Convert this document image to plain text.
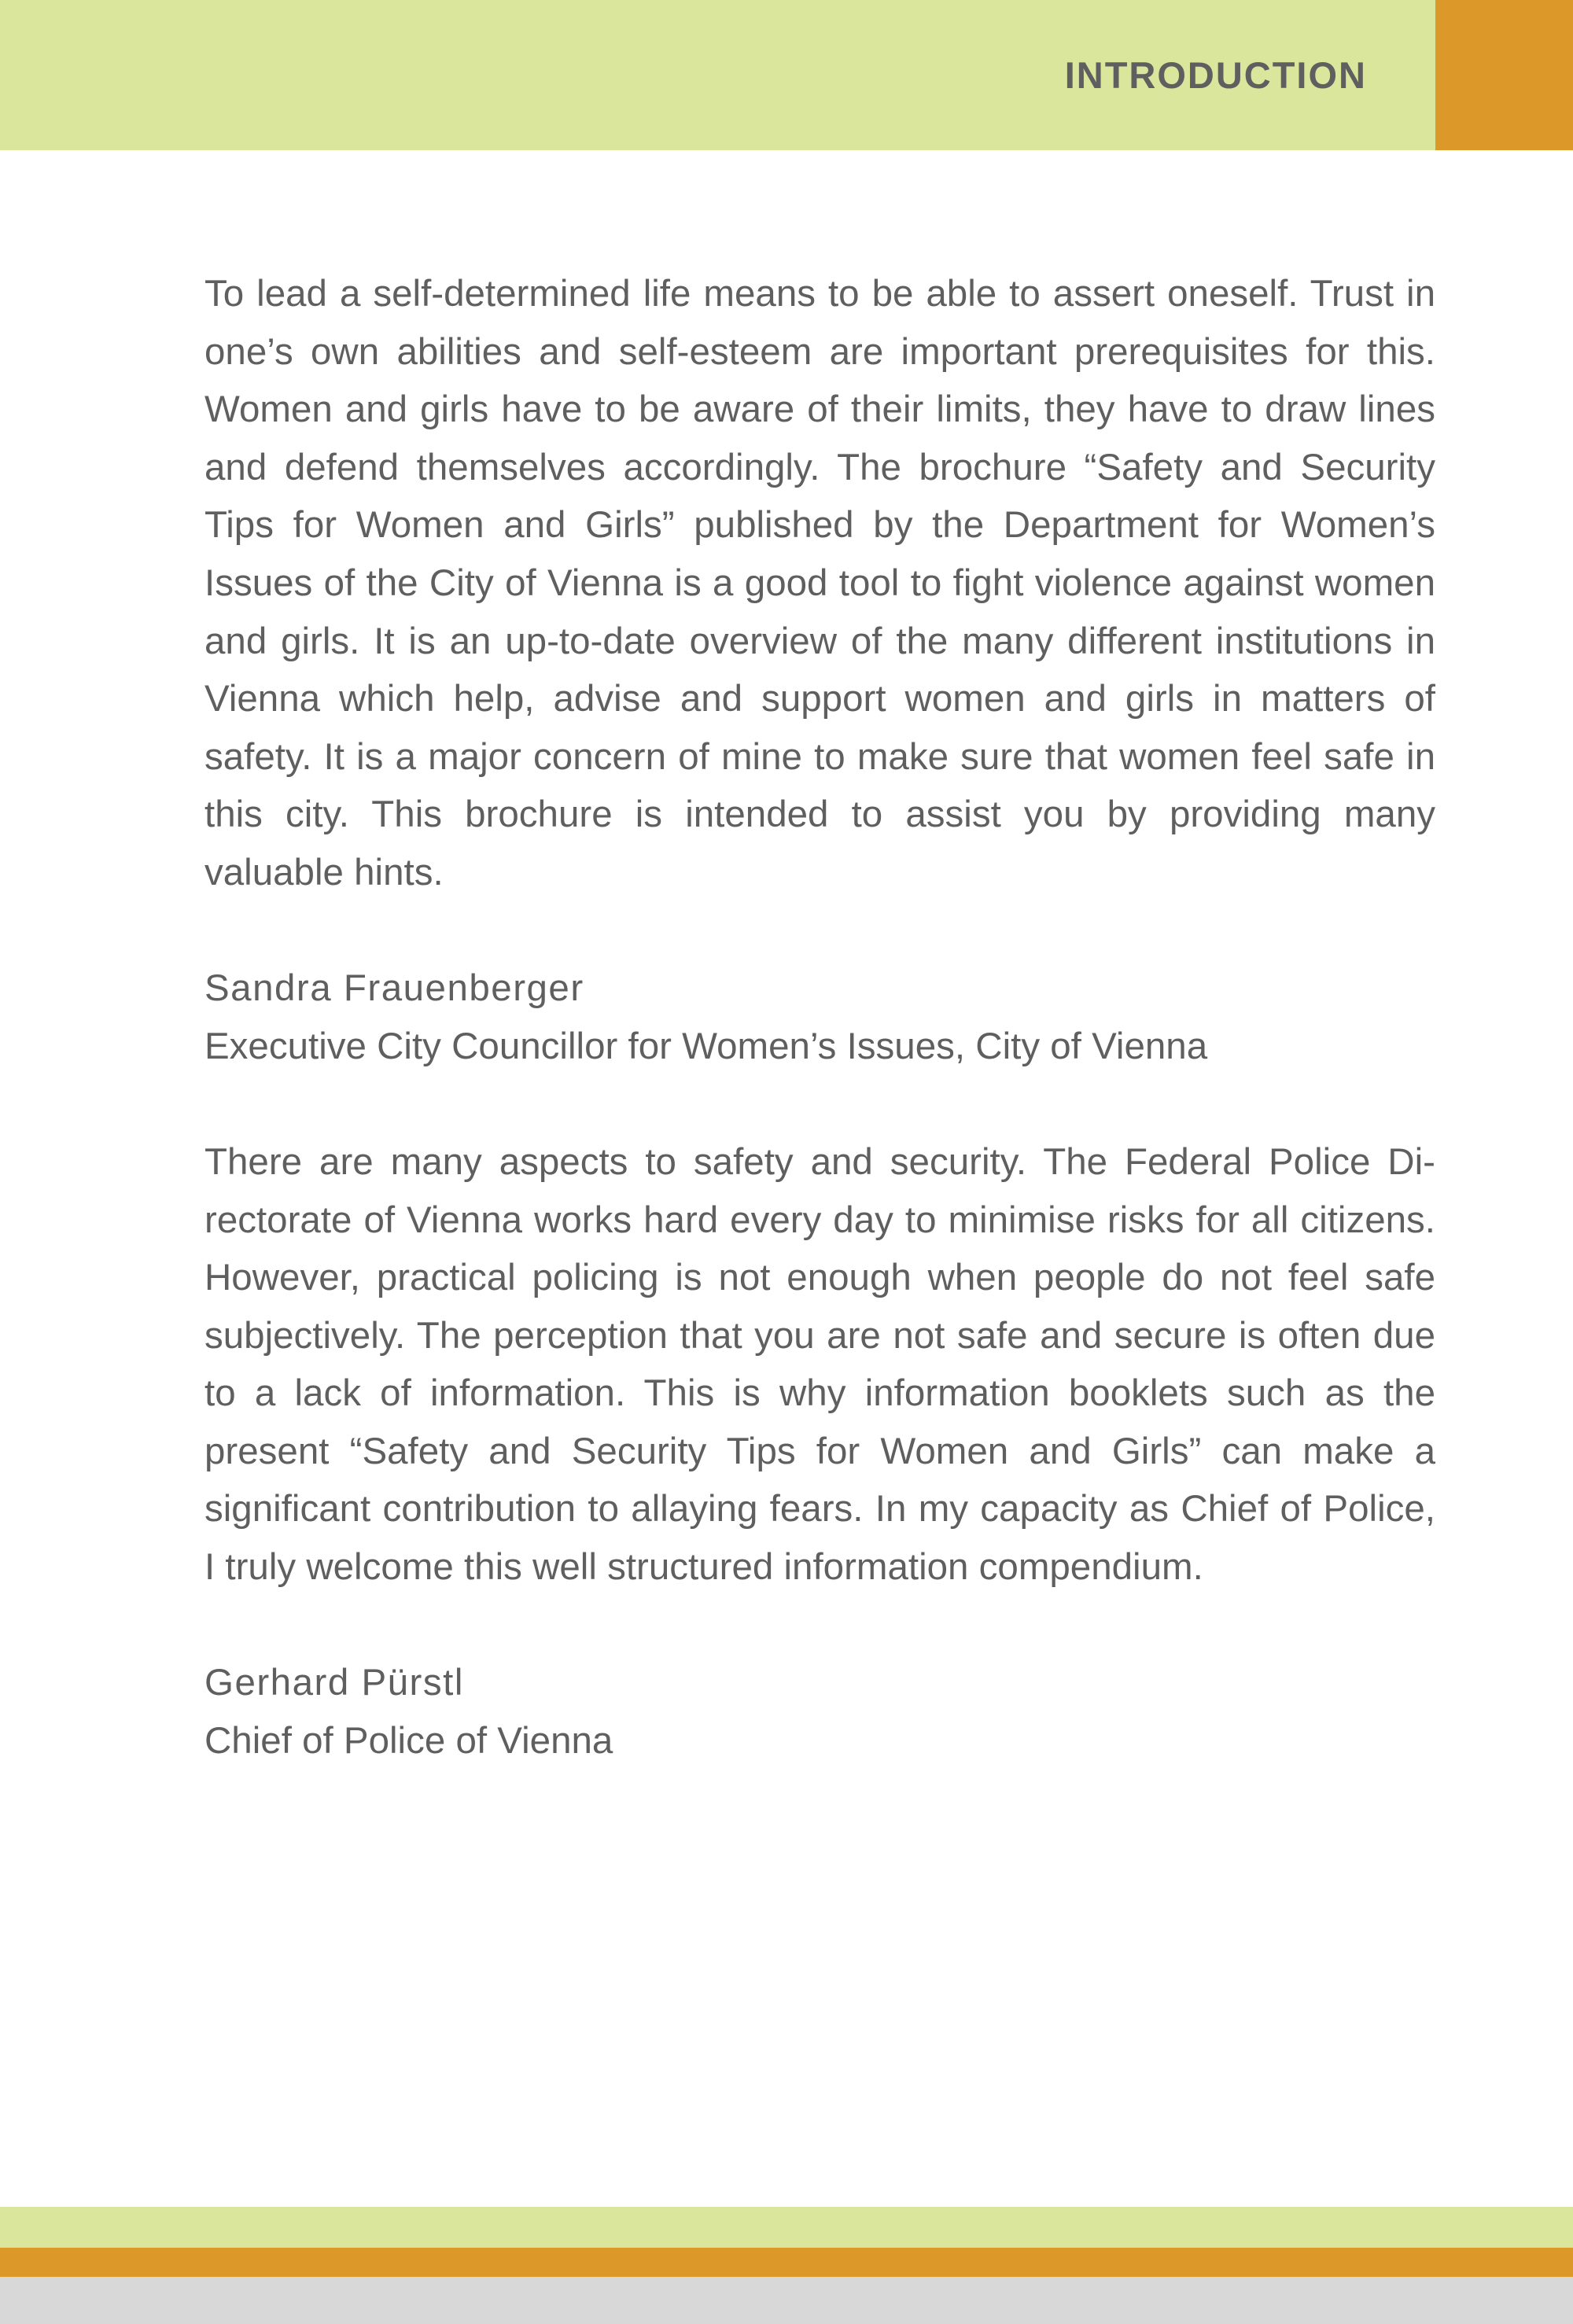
INTRODUCTION

To lead a self-determined life means to be able to assert oneself. Trust in one’s own abilities and self-esteem are important prerequisites for this. Women and girls have to be aware of their limits, they have to draw lines and defend themselves accordingly. The brochure “Safety and Security Tips for Women and Girls” published by the Department for Women’s Issues of the City of Vienna is a good tool to fight violence against women and girls. It is an up-to-date overview of the many different institutions in Vienna which help, advise and support women and girls in matters of safety. It is a major concern of mine to make sure that women feel safe in this city. This brochure is intended to assist you by providing many valuable hints.

Sandra Frauenberger
Executive City Councillor for Women’s Issues, City of Vienna

There are many aspects to safety and security. The Federal Police Directorate of Vienna works hard every day to minimise risks for all citizens. However, practical policing is not enough when people do not feel safe subjectively. The perception that you are not safe and secure is often due to a lack of information. This is why information booklets such as the present “Safety and Security Tips for Women and Girls” can make a significant contribution to allaying fears. In my capacity as Chief of Police, I truly welcome this well structured information compendium.

Gerhard Pürstl
Chief of Police of Vienna
